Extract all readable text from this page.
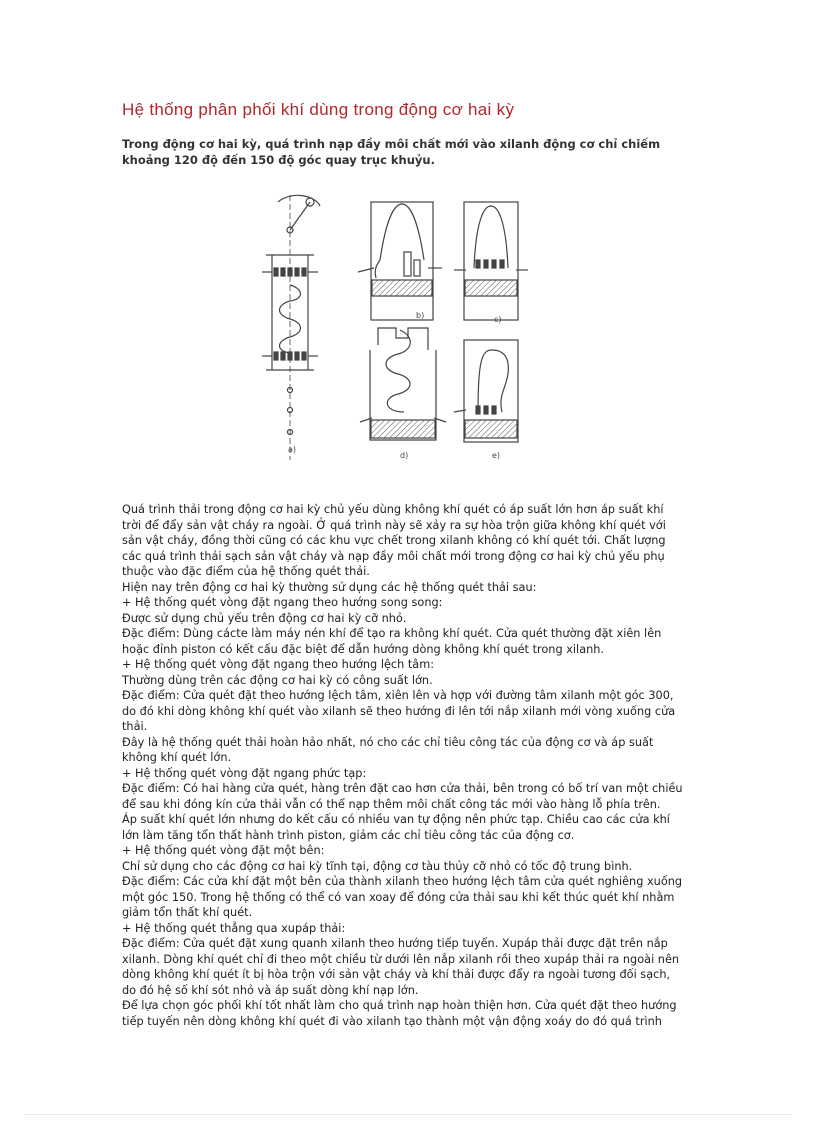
Hệ thống phân phối khí dùng trong động cơ hai kỳ
Trong động cơ hai kỳ, quá trình nạp đầy môi chất mới vào xilanh động cơ chỉ chiếm
khoảng 120 độ đến 150 độ góc quay trục khuỷu.
a)
b)	c)
d)	e)
Quá trình thải trong động cơ hai kỳ chủ yếu dùng không khí quét có áp suất lớn hơn áp suất khí
trời để đẩy sản vật cháy ra ngoài. Ở quá trình này sẽ xảy ra sự hòa trộn giữa không khí quét với
sản vật cháy, đồng thời cũng có các khu vực chết trong xilanh không có khí quét tới. Chất lượng
các quá trình thải sạch sản vật cháy và nạp đầy môi chất mới trong động cơ hai kỳ chủ yếu phụ
thuộc vào đặc điểm của hệ thống quét thải.
Hiện nay trên động cơ hai kỳ thường sử dụng các hệ thống quét thải sau:
+ Hệ thống quét vòng đặt ngang theo hướng song song:
Được sử dụng chủ yếu trên động cơ hai kỳ cỡ nhỏ.
Đặc điểm: Dùng cácte làm máy nén khí để tạo ra không khí quét. Cửa quét thường đặt xiên lên
hoặc đỉnh piston có kết cấu đặc biệt để dẫn hướng dòng không khí quét trong xilanh.
+ Hệ thống quét vòng đặt ngang theo hướng lệch tâm:
Thường dùng trên các động cơ hai kỳ có công suất lớn.
Đặc điểm: Cửa quét đặt theo hướng lệch tâm, xiên lên và hợp với đường tâm xilanh một góc 300,
do đó khi dòng không khí quét vào xilanh sẽ theo hướng đi lên tới nắp xilanh mới vòng xuống cửa
thải.
Đây là hệ thống quét thải hoàn hảo nhất, nó cho các chỉ tiêu công tác của động cơ và áp suất
không khí quét lớn.
+ Hệ thống quét vòng đặt ngang phức tạp:
Đặc điểm: Có hai hàng cửa quét, hàng trên đặt cao hơn cửa thải, bên trong có bố trí van một chiều
để sau khi đóng kín cửa thải vẫn có thể nạp thêm môi chất công tác mới vào hàng lỗ phía trên.
Áp suất khí quét lớn nhưng do kết cấu có nhiều van tự động nên phức tạp. Chiều cao các cửa khí
lớn làm tăng tổn thất hành trình piston, giảm các chỉ tiêu công tác của động cơ.
+ Hệ thống quét vòng đặt một bên:
Chỉ sử dụng cho các động cơ hai kỳ tĩnh tại, động cơ tàu thủy cỡ nhỏ có tốc độ trung bình.
Đặc điểm: Các cửa khí đặt một bên của thành xilanh theo hướng lệch tâm cửa quét nghiêng xuống
một góc 150. Trong hệ thống có thể có van xoay để đóng cửa thải sau khi kết thúc quét khí nhằm
giảm tổn thất khí quét.
+ Hệ thống quét thẳng qua xupáp thải:
Đặc điểm: Cửa quét đặt xung quanh xilanh theo hướng tiếp tuyến. Xupáp thải được đặt trên nắp
xilanh. Dòng khí quét chỉ đi theo một chiều từ dưới lên nắp xilanh rồi theo xupáp thải ra ngoài nên
dòng không khí quét ít bị hòa trộn với sản vật cháy và khí thải được đẩy ra ngoài tương đối sạch,
do đó hệ số khí sót nhỏ và áp suất dòng khí nạp lớn.
Để lựa chọn góc phối khí tốt nhất làm cho quá trình nạp hoàn thiện hơn. Cửa quét đặt theo hướng
tiếp tuyến nên dòng không khí quét đi vào xilanh tạo thành một vận động xoáy do đó quá trình
